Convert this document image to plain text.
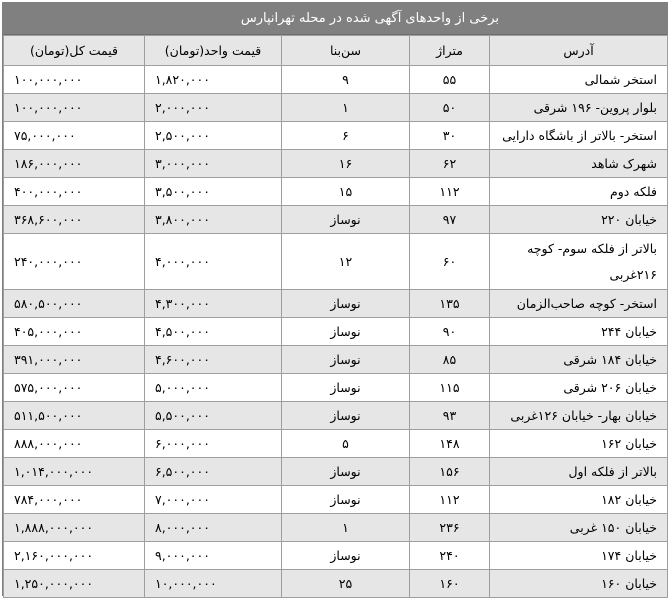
برخی از واحدهای آگهی شده در محله تهرانپارس
آدرس	متراژ	سن‌بنا	قیمت واحد(تومان)	قیمت کل(تومان)
استخر شمالی	۵۵	۹	۱,۸۲۰,۰۰۰	۱۰۰,۰۰۰,۰۰۰
بلوار پروین- ۱۹۶ شرقی	۵۰	۱	۲,۰۰۰,۰۰۰	۱۰۰,۰۰۰,۰۰۰
استخر- بالاتر از باشگاه دارایی	۳۰	۶	۲,۵۰۰,۰۰۰	۷۵,۰۰۰,۰۰۰
شهرک شاهد	۶۲	۱۶	۳,۰۰۰,۰۰۰	۱۸۶,۰۰۰,۰۰۰
فلکه دوم	۱۱۲	۱۵	۳,۵۰۰,۰۰۰	۴۰۰,۰۰۰,۰۰۰
خیابان ۲۲۰	۹۷	نوساز	۳,۸۰۰,۰۰۰	۳۶۸,۶۰۰,۰۰۰
بالاتر از فلکه سوم- کوچه ۲۱۶غربی	۶۰	۱۲	۴,۰۰۰,۰۰۰	۲۴۰,۰۰۰,۰۰۰
استخر- کوچه صاحب‌الزمان	۱۳۵	نوساز	۴,۳۰۰,۰۰۰	۵۸۰,۵۰۰,۰۰۰
خیابان ۲۴۴	۹۰	نوساز	۴,۵۰۰,۰۰۰	۴۰۵,۰۰۰,۰۰۰
خیابان ۱۸۴ شرقی	۸۵	نوساز	۴,۶۰۰,۰۰۰	۳۹۱,۰۰۰,۰۰۰
خیابان ۲۰۶ شرقی	۱۱۵	نوساز	۵,۰۰۰,۰۰۰	۵۷۵,۰۰۰,۰۰۰
خیابان بهار- خیابان ۱۲۶غربی	۹۳	نوساز	۵,۵۰۰,۰۰۰	۵۱۱,۵۰۰,۰۰۰
خیابان ۱۶۲	۱۴۸	۵	۶,۰۰۰,۰۰۰	۸۸۸,۰۰۰,۰۰۰
بالاتر از فلکه اول	۱۵۶	نوساز	۶,۵۰۰,۰۰۰	۱,۰۱۴,۰۰۰,۰۰۰
خیابان ۱۸۲	۱۱۲	نوساز	۷,۰۰۰,۰۰۰	۷۸۴,۰۰۰,۰۰۰
خیابان ۱۵۰ غربی	۲۳۶	۱	۸,۰۰۰,۰۰۰	۱,۸۸۸,۰۰۰,۰۰۰
خیابان ۱۷۴	۲۴۰	نوساز	۹,۰۰۰,۰۰۰	۲,۱۶۰,۰۰۰,۰۰۰
خیابان ۱۶۰	۱۶۰	۲۵	۱۰,۰۰۰,۰۰۰	۱,۲۵۰,۰۰۰,۰۰۰
